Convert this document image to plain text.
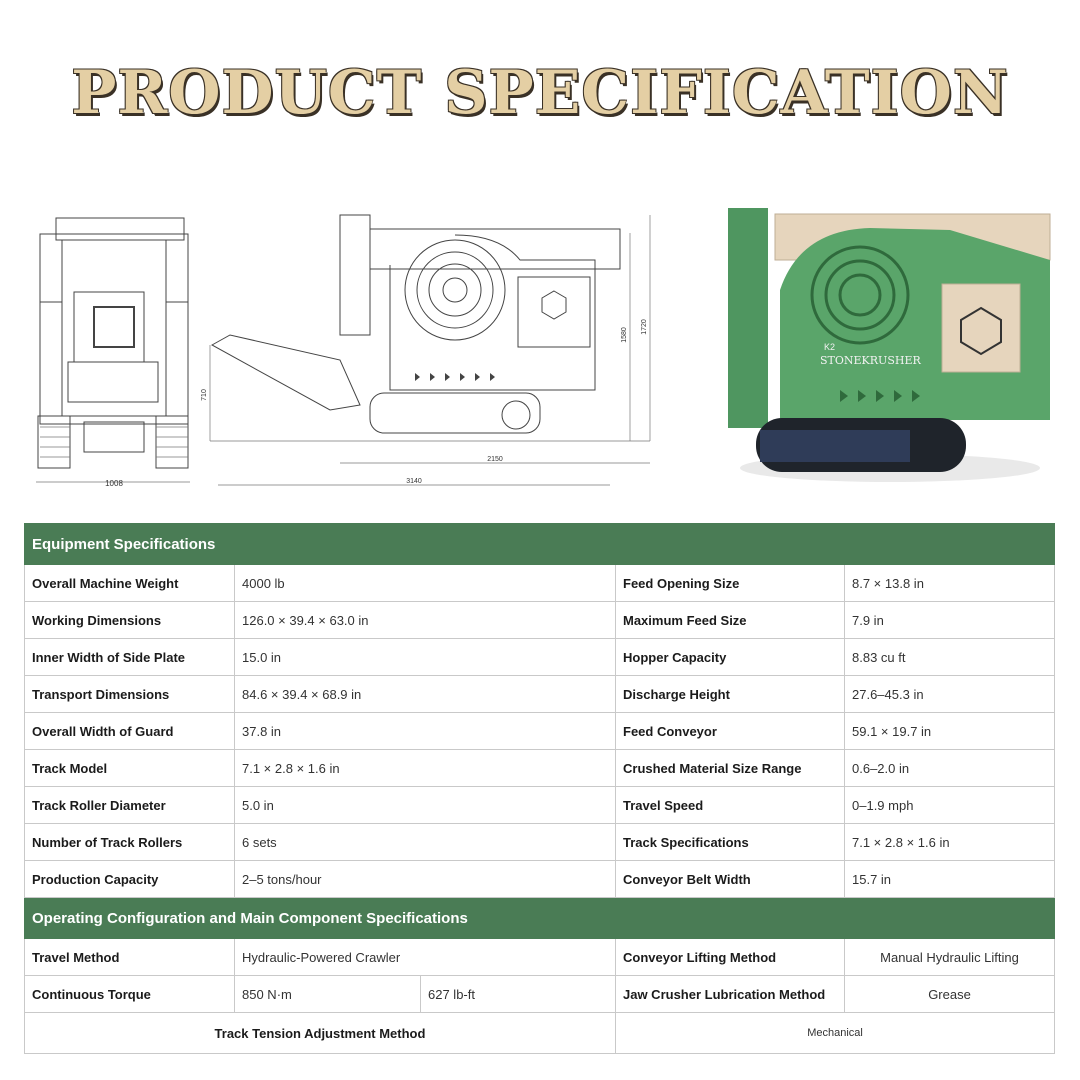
PRODUCT SPECIFICATION
1008
2150
3140
1580
1720
710
STONEKRUSHER
K2
Equipment Specifications				
Overall Machine Weight	4000 lb		Feed Opening Size	8.7 × 13.8 in
Working Dimensions	126.0 × 39.4 × 63.0 in		Maximum Feed Size	7.9 in
Inner Width of Side Plate	15.0 in		Hopper Capacity	8.83 cu ft
Transport Dimensions	84.6 × 39.4 × 68.9 in		Discharge Height	27.6–45.3 in
Overall Width of Guard	37.8 in		Feed Conveyor	59.1 × 19.7 in
Track Model	7.1 × 2.8 × 1.6 in		Crushed Material Size Range	0.6–2.0 in
Track Roller Diameter	5.0 in		Travel Speed	0–1.9 mph
Number of Track Rollers	6 sets		Track Specifications	7.1 × 2.8 × 1.6 in
Production Capacity	2–5 tons/hour		Conveyor Belt Width	15.7 in
Operating Configuration and Main Component Specifications				
Travel Method	Hydraulic-Powered Crawler		Conveyor Lifting Method	Manual Hydraulic Lifting
Continuous Torque	850 N·m	627 lb-ft	Jaw Crusher Lubrication Method	Grease
Track Tension Adjustment Method			Mechanical	
